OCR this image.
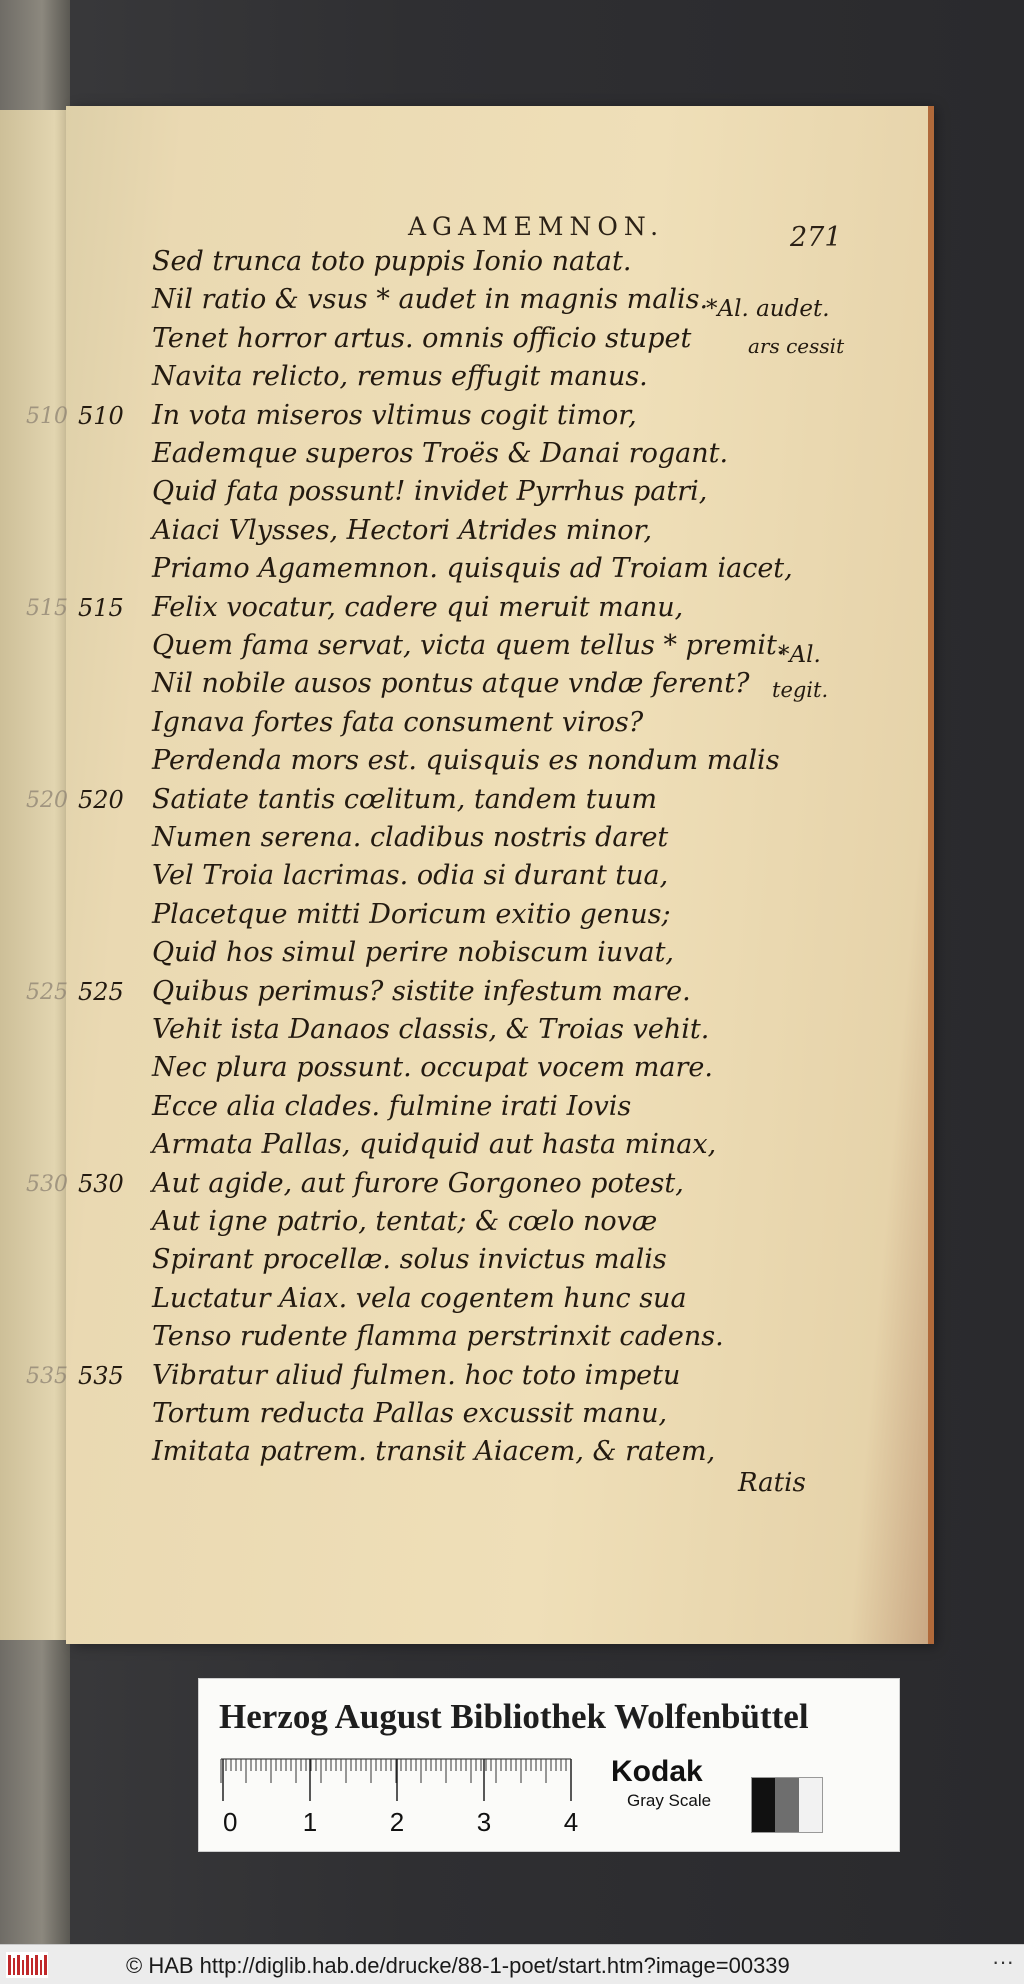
AGAMEMNON.	271
Sed trunca toto puppis Ionio natat.
Nil ratio & vsus * audet in magnis malis.
Tenet horror artus. omnis officio stupet
Navita relicto, remus effugit manus.
In vota miseros vltimus cogit timor,
510
Eademque superos Troës & Danai rogant.
Quid fata possunt! invidet Pyrrhus patri,
Aiaci Vlysses, Hectori Atrides minor,
Priamo Agamemnon. quisquis ad Troiam iacet,
Felix vocatur, cadere qui meruit manu,
515
Quem fama servat, victa quem tellus * premit.
Nil nobile ausos pontus atque vndæ ferent?
Ignava fortes fata consument viros?
Perdenda mors est. quisquis es nondum malis
Satiate tantis cœlitum, tandem tuum
520
Numen serena. cladibus nostris daret
Vel Troia lacrimas. odia si durant tua,
Placetque mitti Doricum exitio genus;
Quid hos simul perire nobiscum iuvat,
Quibus perimus? sistite infestum mare.
525
Vehit ista Danaos classis, & Troias vehit.
Nec plura possunt. occupat vocem mare.
Ecce alia clades. fulmine irati Iovis
Armata Pallas, quidquid aut hasta minax,
Aut agide, aut furore Gorgoneo potest,
530
Aut igne patrio, tentat; & cœlo novæ
Spirant procellæ. solus invictus malis
Luctatur Aiax. vela cogentem hunc sua
Tenso rudente flamma perstrinxit cadens.
Vibratur aliud fulmen. hoc toto impetu
535
Tortum reducta Pallas excussit manu,
Imitata patrem. transit Aiacem, & ratem,
510
515
520
525
530
535
*Al. audet.
ars cessit
*Al.
tegit.
Ratis
Herzog August Bibliothek Wolfenbüttel
0	1	2	3	4
Kodak
Gray Scale
© HAB http://diglib.hab.de/drucke/88-1-poet/start.htm?image=00339	···
